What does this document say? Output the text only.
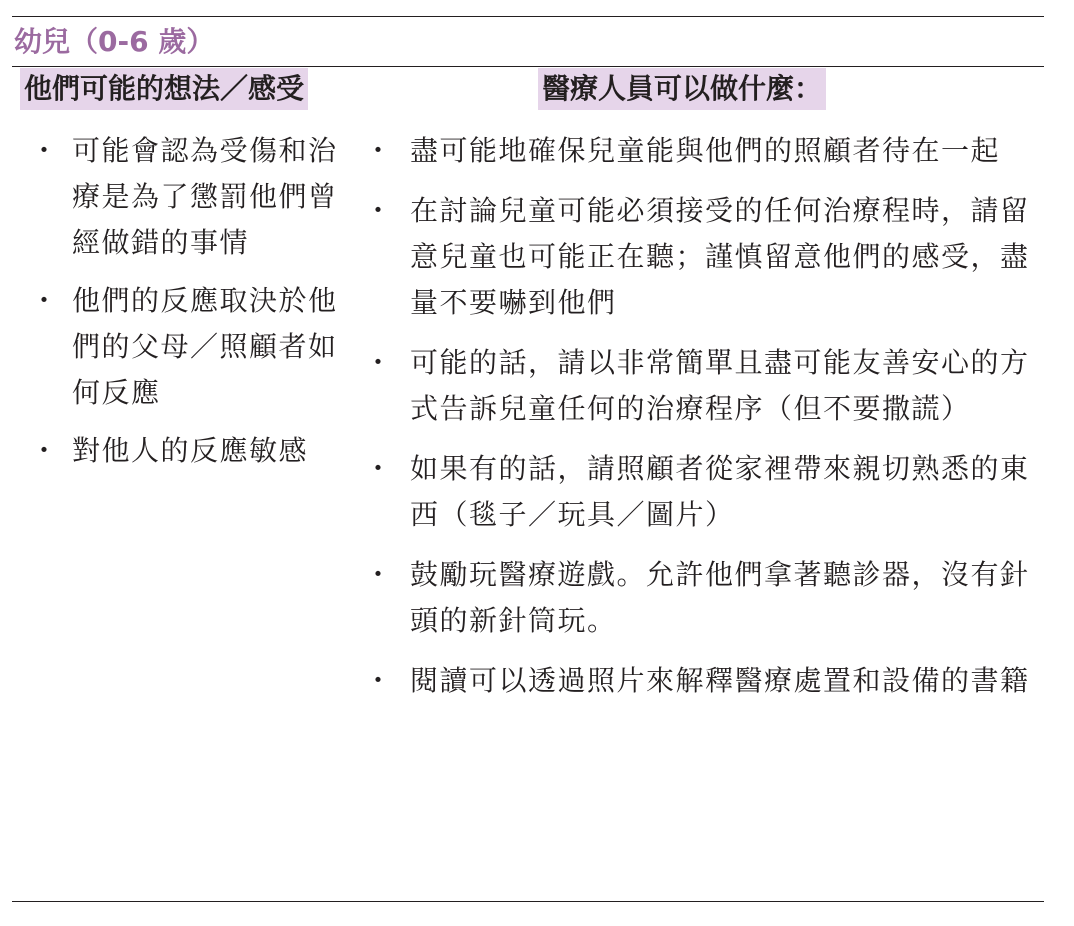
幼兒（0-6 歲）
他們可能的想法／感受	醫療人員可以做什麼：
・ 可能會認為受傷和治療是為了懲罰他們曾經做錯的事情
・ 他們的反應取決於他們的父母／照顧者如何反應
・ 對他人的反應敏感
・ 盡可能地確保兒童能與他們的照顧者待在一起
・ 在討論兒童可能必須接受的任何治療程時，請留意兒童也可能正在聽；謹慎留意他們的感受，盡量不要嚇到他們
・ 可能的話，請以非常簡單且盡可能友善安心的方式告訴兒童任何的治療程序（但不要撒謊）
・ 如果有的話，請照顧者從家裡帶來親切熟悉的東西（毯子／玩具／圖片）
・ 鼓勵玩醫療遊戲。允許他們拿著聽診器，沒有針頭的新針筒玩。
・ 閱讀可以透過照片來解釋醫療處置和設備的書籍
